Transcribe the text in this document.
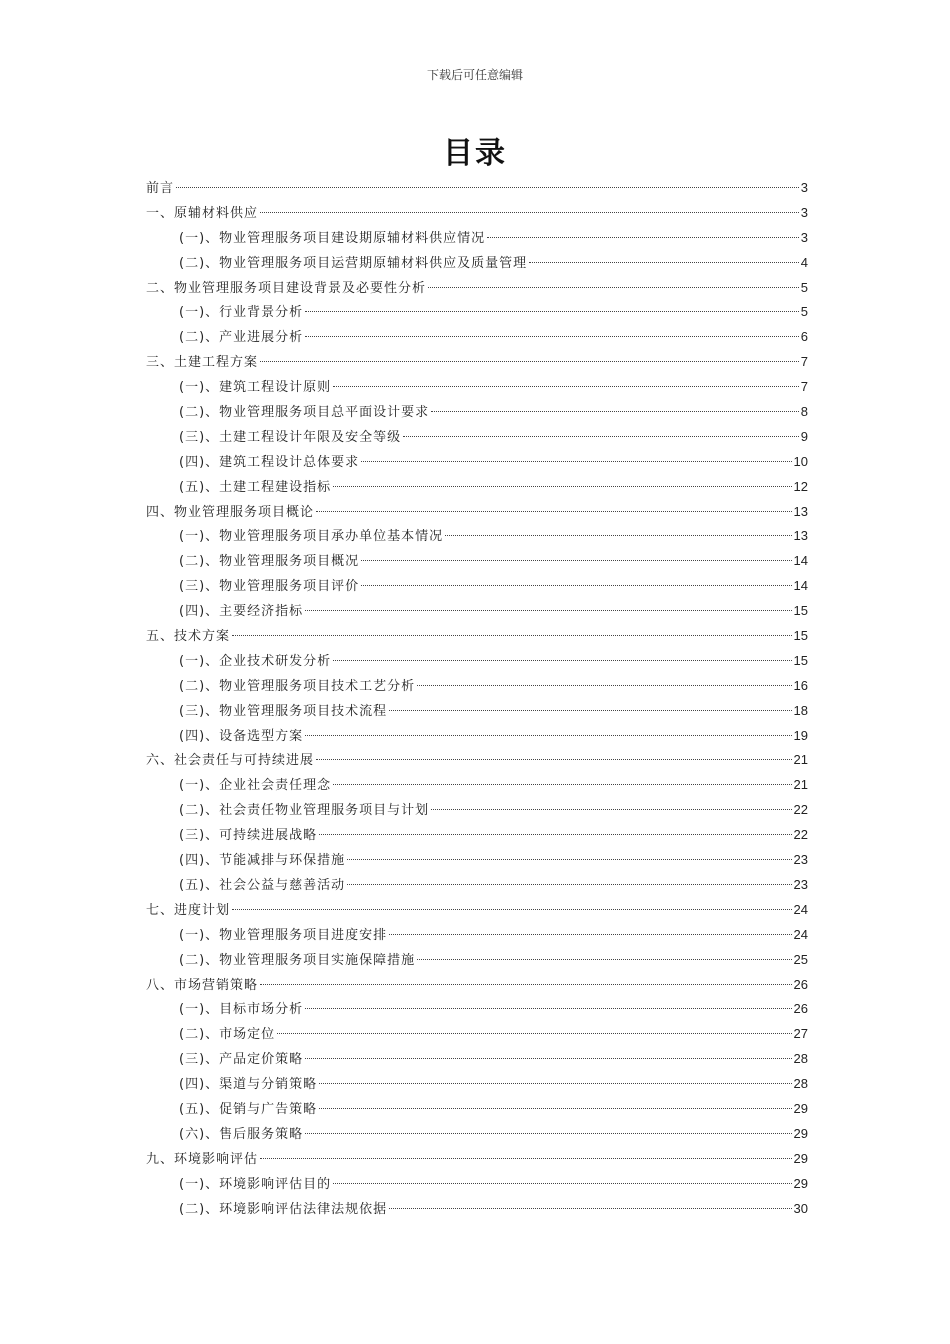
下载后可任意编辑
目录
前言	3
一、原辅材料供应	3
(一)、物业管理服务项目建设期原辅材料供应情况	3
(二)、物业管理服务项目运营期原辅材料供应及质量管理	4
二、物业管理服务项目建设背景及必要性分析	5
(一)、行业背景分析	5
(二)、产业进展分析	6
三、土建工程方案	7
(一)、建筑工程设计原则	7
(二)、物业管理服务项目总平面设计要求	8
(三)、土建工程设计年限及安全等级	9
(四)、建筑工程设计总体要求	10
(五)、土建工程建设指标	12
四、物业管理服务项目概论	13
(一)、物业管理服务项目承办单位基本情况	13
(二)、物业管理服务项目概况	14
(三)、物业管理服务项目评价	14
(四)、主要经济指标	15
五、技术方案	15
(一)、企业技术研发分析	15
(二)、物业管理服务项目技术工艺分析	16
(三)、物业管理服务项目技术流程	18
(四)、设备选型方案	19
六、社会责任与可持续进展	21
(一)、企业社会责任理念	21
(二)、社会责任物业管理服务项目与计划	22
(三)、可持续进展战略	22
(四)、节能减排与环保措施	23
(五)、社会公益与慈善活动	23
七、进度计划	24
(一)、物业管理服务项目进度安排	24
(二)、物业管理服务项目实施保障措施	25
八、市场营销策略	26
(一)、目标市场分析	26
(二)、市场定位	27
(三)、产品定价策略	28
(四)、渠道与分销策略	28
(五)、促销与广告策略	29
(六)、售后服务策略	29
九、环境影响评估	29
(一)、环境影响评估目的	29
(二)、环境影响评估法律法规依据	30
